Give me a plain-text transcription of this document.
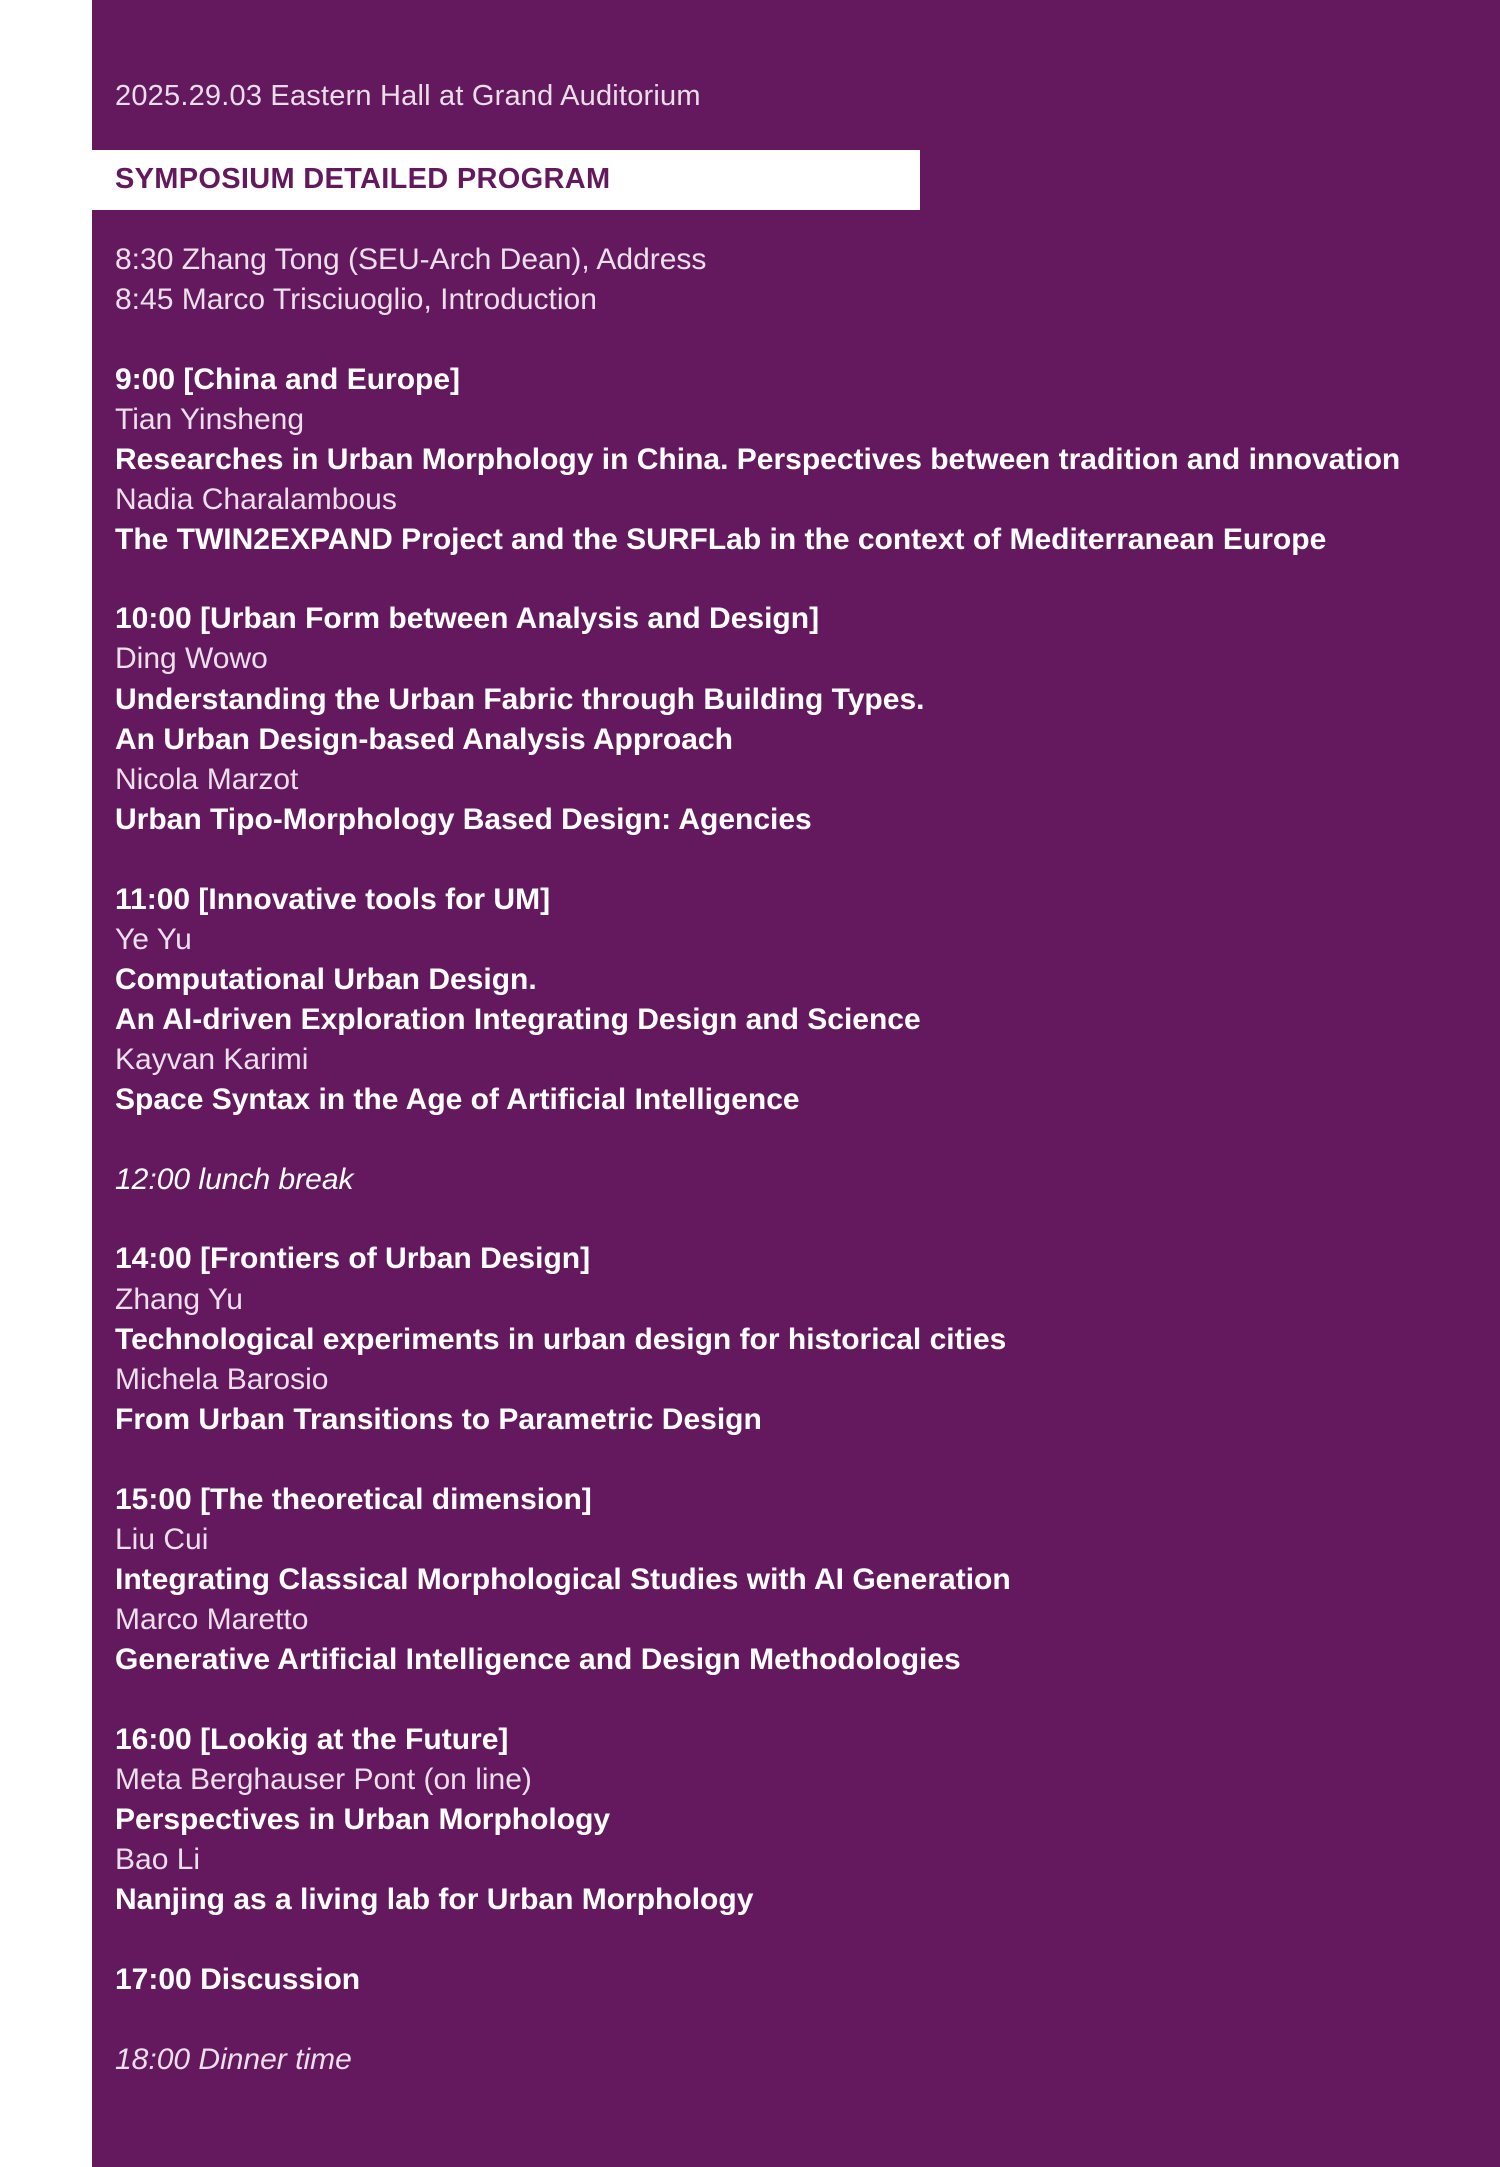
2025.29.03 Eastern Hall at Grand Auditorium
SYMPOSIUM DETAILED PROGRAM
8:30 Zhang Tong (SEU-Arch Dean), Address
8:45 Marco Trisciuoglio, Introduction
9:00 [China and Europe]
Tian Yinsheng
Researches in Urban Morphology in China. Perspectives between tradition and innovation
Nadia Charalambous
The TWIN2EXPAND Project and the SURFLab in the context of Mediterranean Europe
10:00 [Urban Form between Analysis and Design]
Ding Wowo
Understanding the Urban Fabric through Building Types.
An Urban Design-based Analysis Approach
Nicola Marzot
Urban Tipo-Morphology Based Design: Agencies
11:00 [Innovative tools for UM]
Ye Yu
Computational Urban Design.
An AI-driven Exploration Integrating Design and Science
Kayvan Karimi
Space Syntax in the Age of Artificial Intelligence
12:00 lunch break
14:00 [Frontiers of Urban Design]
Zhang Yu
Technological experiments in urban design for historical cities
Michela Barosio
From Urban Transitions to Parametric Design
15:00 [The theoretical dimension]
Liu Cui
Integrating Classical Morphological Studies with AI Generation
Marco Maretto
Generative Artificial Intelligence and Design Methodologies
16:00 [Lookig at the Future]
Meta Berghauser Pont (on line)
Perspectives in Urban Morphology
Bao Li
Nanjing as a living lab for Urban Morphology
17:00 Discussion
18:00 Dinner time
